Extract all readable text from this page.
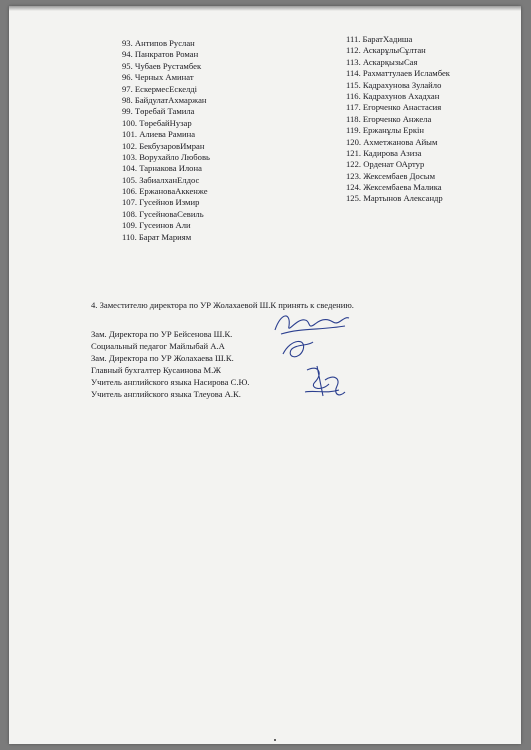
93. Антипов Руслан
94. Панкратов Роман
95. Чубаев Рустамбек
96. Черных Аминат
97. ЕскермесЕскелді
98. БайдулатАхмаржан
99. Төребай Тамила
100. ТөребайНузар
101. Алиева Рамина
102. БекбузаровИмран
103. Ворухайло Любовь
104. Тарнакова Илона
105. ЗабиалханЕлдос
106. ЕржановаАккенже
107. Гусейнов Измир
108. ГусейноваСевиль
109. Гусеинов Али
110. Барат Мариям
111. БаратХадиша
112. АскарұлыСұлтан
113. АскарқызыСая
114. Рахматтулаев Исламбек
115. Кадрахунова Зулайло
116. Кадрахунов Ахадхан
117. Егорченко Анастасия
118. Егорченко Анжела
119. Ержанұлы Еркін
120. Ахметжанова Айым
121. Кадирова Азиза
122. Орденат ОАртур
123. Жексембаев Досым
124. Жексембаева Малика
125. Мартынов Александр
4. Заместителю директора по УР Жолахаевой Ш.К принять к сведению.
Зам. Директора по УР Бейсенова Ш.К.
Социальный педагог Майлыбай А.А
Зам. Директора по УР Жолахаева Ш.К.
Главный бухгалтер Кусаинова М.Ж
Учитель английского языка Насирова С.Ю.
Учитель английского языка Тлеуова А.К.
